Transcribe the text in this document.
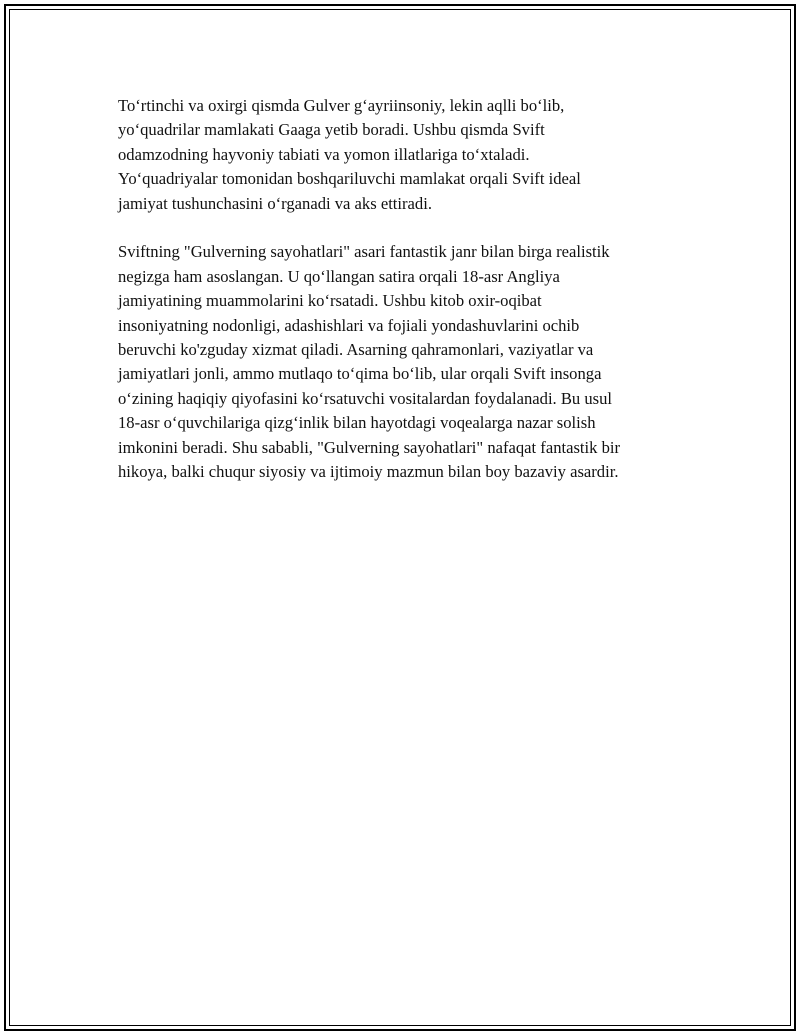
To‘rtinchi va oxirgi qismda Gulver g‘ayriinsoniy, lekin aqlli bo‘lib,
yo‘quadrilar mamlakati Gaaga yetib boradi. Ushbu qismda Svift
odamzodning hayvoniy tabiati va yomon illatlariga to‘xtaladi.
Yo‘quadriyalar tomonidan boshqariluvchi mamlakat orqali Svift ideal
jamiyat tushunchasini o‘rganadi va aks ettiradi.

Sviftning "Gulverning sayohatlari" asari fantastik janr bilan birga realistik
negizga ham asoslangan. U qo‘llangan satira orqali 18-asr Angliya
jamiyatining muammolarini ko‘rsatadi. Ushbu kitob oxir-oqibat
insoniyatning nodonligi, adashishlari va fojiali yondashuvlarini ochib
beruvchi ko'zguday xizmat qiladi. Asarning qahramonlari, vaziyatlar va
jamiyatlari jonli, ammo mutlaqo to‘qima bo‘lib, ular orqali Svift insonga
o‘zining haqiqiy qiyofasini ko‘rsatuvchi vositalardan foydalanadi. Bu usul
18-asr o‘quvchilariga qizg‘inlik bilan hayotdagi voqealarga nazar solish
imkonini beradi. Shu sababli, "Gulverning sayohatlari" nafaqat fantastik bir
hikoya, balki chuqur siyosiy va ijtimoiy mazmun bilan boy bazaviy asardir.
